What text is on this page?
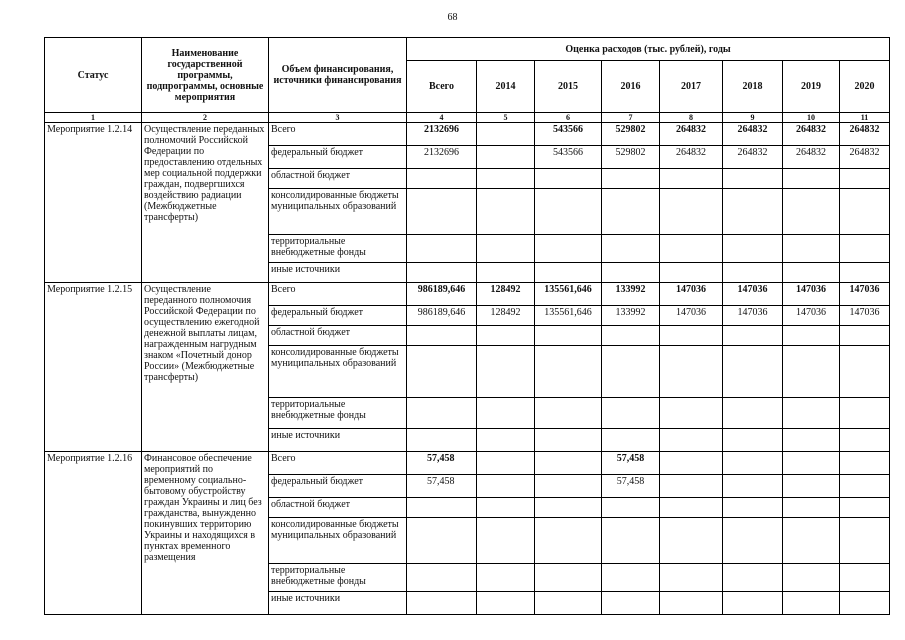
68
Статус	Наименование государственной программы, подпрограммы, основные мероприятия	Объем финансирования, источники финансирования	Оценка расходов (тыс. рублей), годы							
			Всего	2014	2015	2016	2017	2018	2019	2020
1	2	3	4	5	6	7	8	9	10	11
Мероприятие 1.2.14	Осуществление переданных полномочий Российской Федерации по предоставлению отдельных мер социальной поддержки граждан, подвергшихся воздействию радиации (Межбюджетные трансферты)	Всего	2132696		543566	529802	264832	264832	264832	264832
		федеральный бюджет	2132696		543566	529802	264832	264832	264832	264832
		областной бюджет								
		консолидированные бюджеты муниципальных образований								
		территориальные внебюджетные фонды								
		иные источники								
Мероприятие 1.2.15	Осуществление переданного полномочия Российской Федерации по осуществлению ежегодной денежной выплаты лицам, награжденным нагрудным знаком «Почетный донор России» (Межбюджетные трансферты)	Всего	986189,646	128492	135561,646	133992	147036	147036	147036	147036
		федеральный бюджет	986189,646	128492	135561,646	133992	147036	147036	147036	147036
		областной бюджет								
		консолидированные бюджеты муниципальных образований								
		территориальные внебюджетные фонды								
		иные источники								
Мероприятие 1.2.16	Финансовое обеспечение мероприятий по временному социально-бытовому обустройству граждан Украины и лиц без гражданства, вынужденно покинувших территорию Украины и находящихся в пунктах временного размещения	Всего	57,458			57,458				
		федеральный бюджет	57,458			57,458				
		областной бюджет								
		консолидированные бюджеты муниципальных образований								
		территориальные внебюджетные фонды								
		иные источники								
